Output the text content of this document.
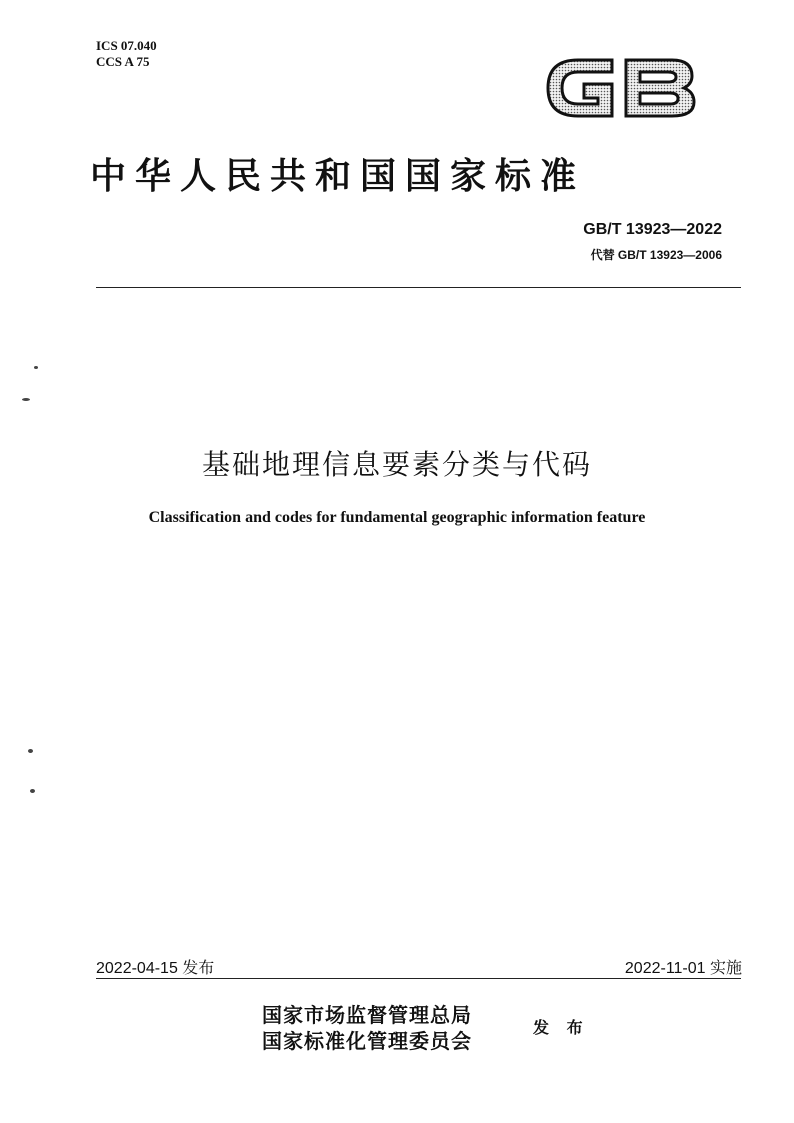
ICS 07.040
CCS A 75
中华人民共和国国家标准
GB/T 13923—2022
代替 GB/T 13923—2006
基础地理信息要素分类与代码
Classification and codes for fundamental geographic information feature
2022-04-15 发布	2022-11-01 实施
国家市场监督管理总局
国家标准化管理委员会
发 布
